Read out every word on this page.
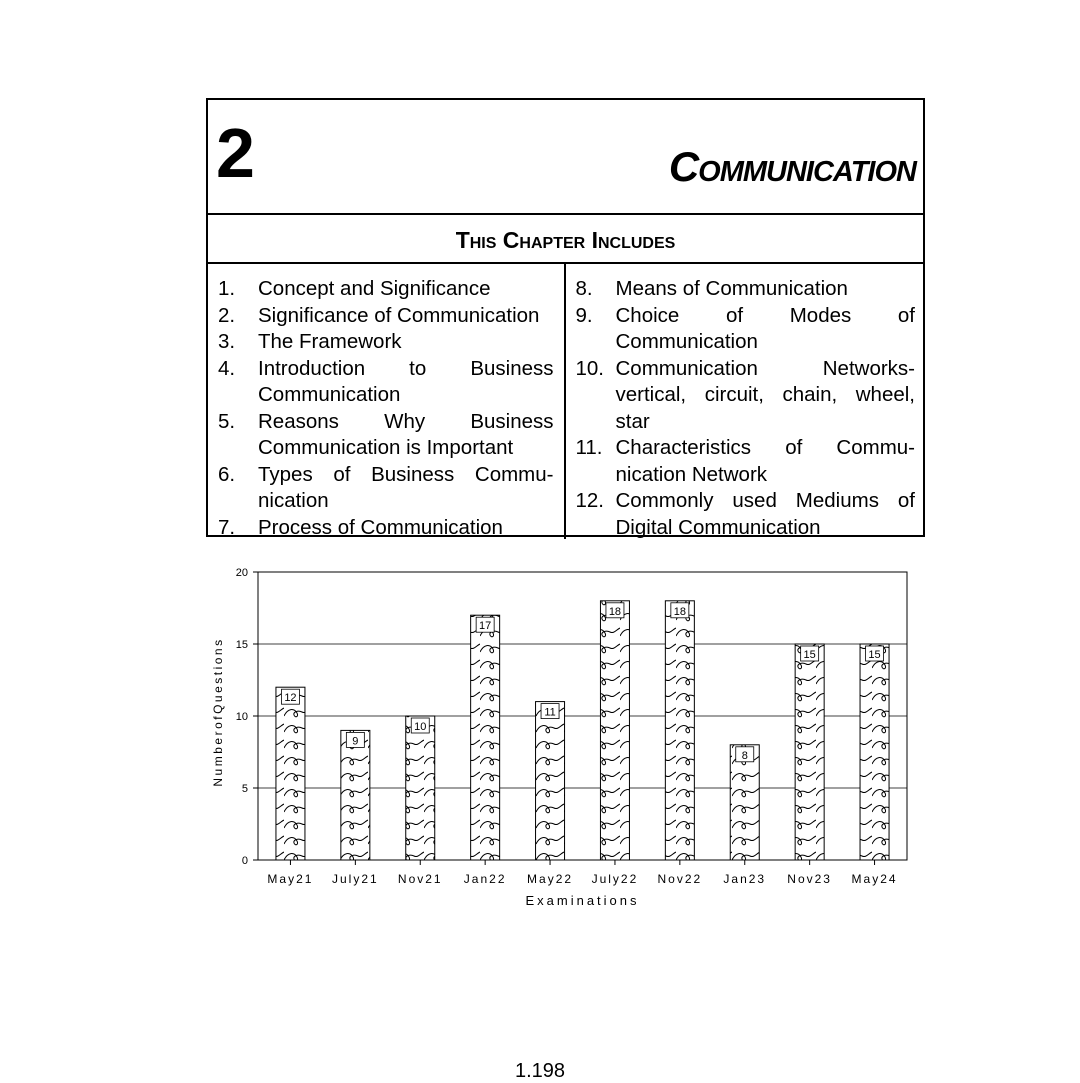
2	Communication
This Chapter Includes
1.	Concept and Significance
2.	Significance of Communication
3.	The Framework
4.	Introduction to Business Communication
5.	Reasons Why Business Communication is Important
6.	Types of Business Commu-nication
7.	Process of Communication
8.	Means of Communication
9.	Choice of Modes of Communication
10. Communication Networks-vertical, circuit, chain, wheel, star
11. Characteristics of Commu-nication Network
12. Commonly used Mediums of Digital Communication
0
5
10
15
20
12
May21
9
July21
10
Nov21
17
Jan22
11
May22
18
July22
18
Nov22
8
Jan23
15
Nov23
15
May24
Examinations
NumberofQuestions
1.198
